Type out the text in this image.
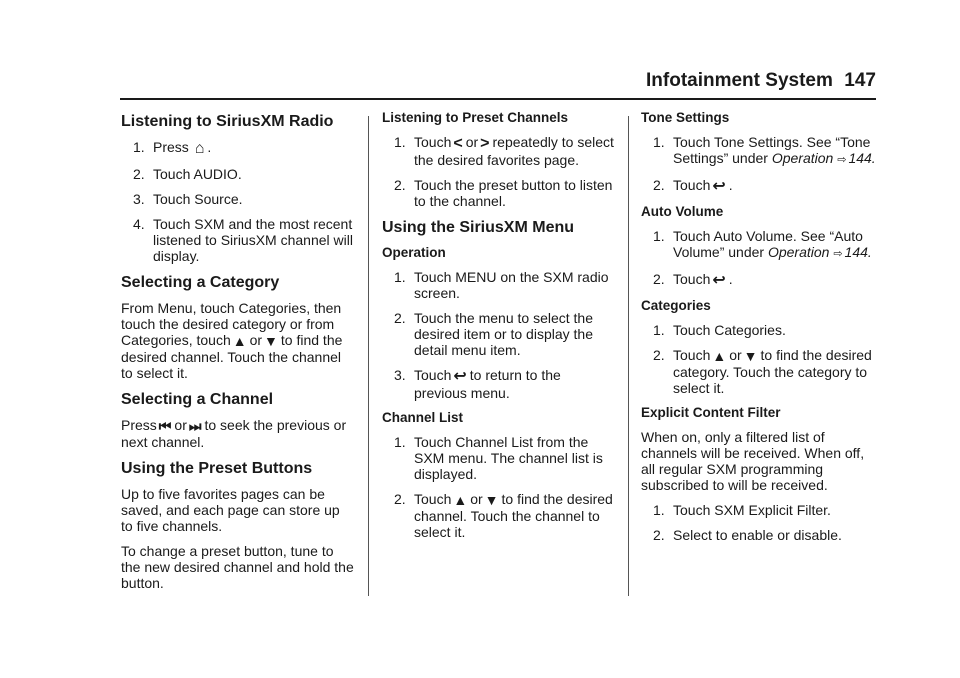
Infotainment System 147
Listening to SiriusXM Radio
1. Press ⌂ .
2. Touch AUDIO.
3. Touch Source.
4. Touch SXM and the most recent listened to SiriusXM channel will display.
Selecting a Category

From Menu, touch Categories, then touch the desired category or from Categories, touch ▲ or ▼ to find the desired channel. Touch the channel to select it.

Selecting a Channel

Press ⏮ or ⏭ to seek the previous or next channel.

Using the Preset Buttons

Up to five favorites pages can be saved, and each page can store up to five channels.

To change a preset button, tune to the new desired channel and hold the button.

Listening to Preset Channels
1. Touch < or > repeatedly to select the desired favorites page.
2. Touch the preset button to listen to the channel.
Using the SiriusXM Menu
Operation
1. Touch MENU on the SXM radio screen.
2. Touch the menu to select the desired item or to display the detail menu item.
3. Touch ↩ to return to the previous menu.
Channel List
1. Touch Channel List from the SXM menu. The channel list is displayed.
2. Touch ▲ or ▼ to find the desired channel. Touch the channel to select it.
Tone Settings
1. Touch Tone Settings. See “Tone Settings” under Operation ⇨ 144.
2. Touch ↩ .
Auto Volume
1. Touch Auto Volume. See “Auto Volume” under Operation ⇨ 144.
2. Touch ↩ .
Categories
1. Touch Categories.
2. Touch ▲ or ▼ to find the desired category. Touch the category to select it.
Explicit Content Filter

When on, only a filtered list of channels will be received. When off, all regular SXM programming subscribed to will be received.

1. Touch SXM Explicit Filter.
2. Select to enable or disable.
